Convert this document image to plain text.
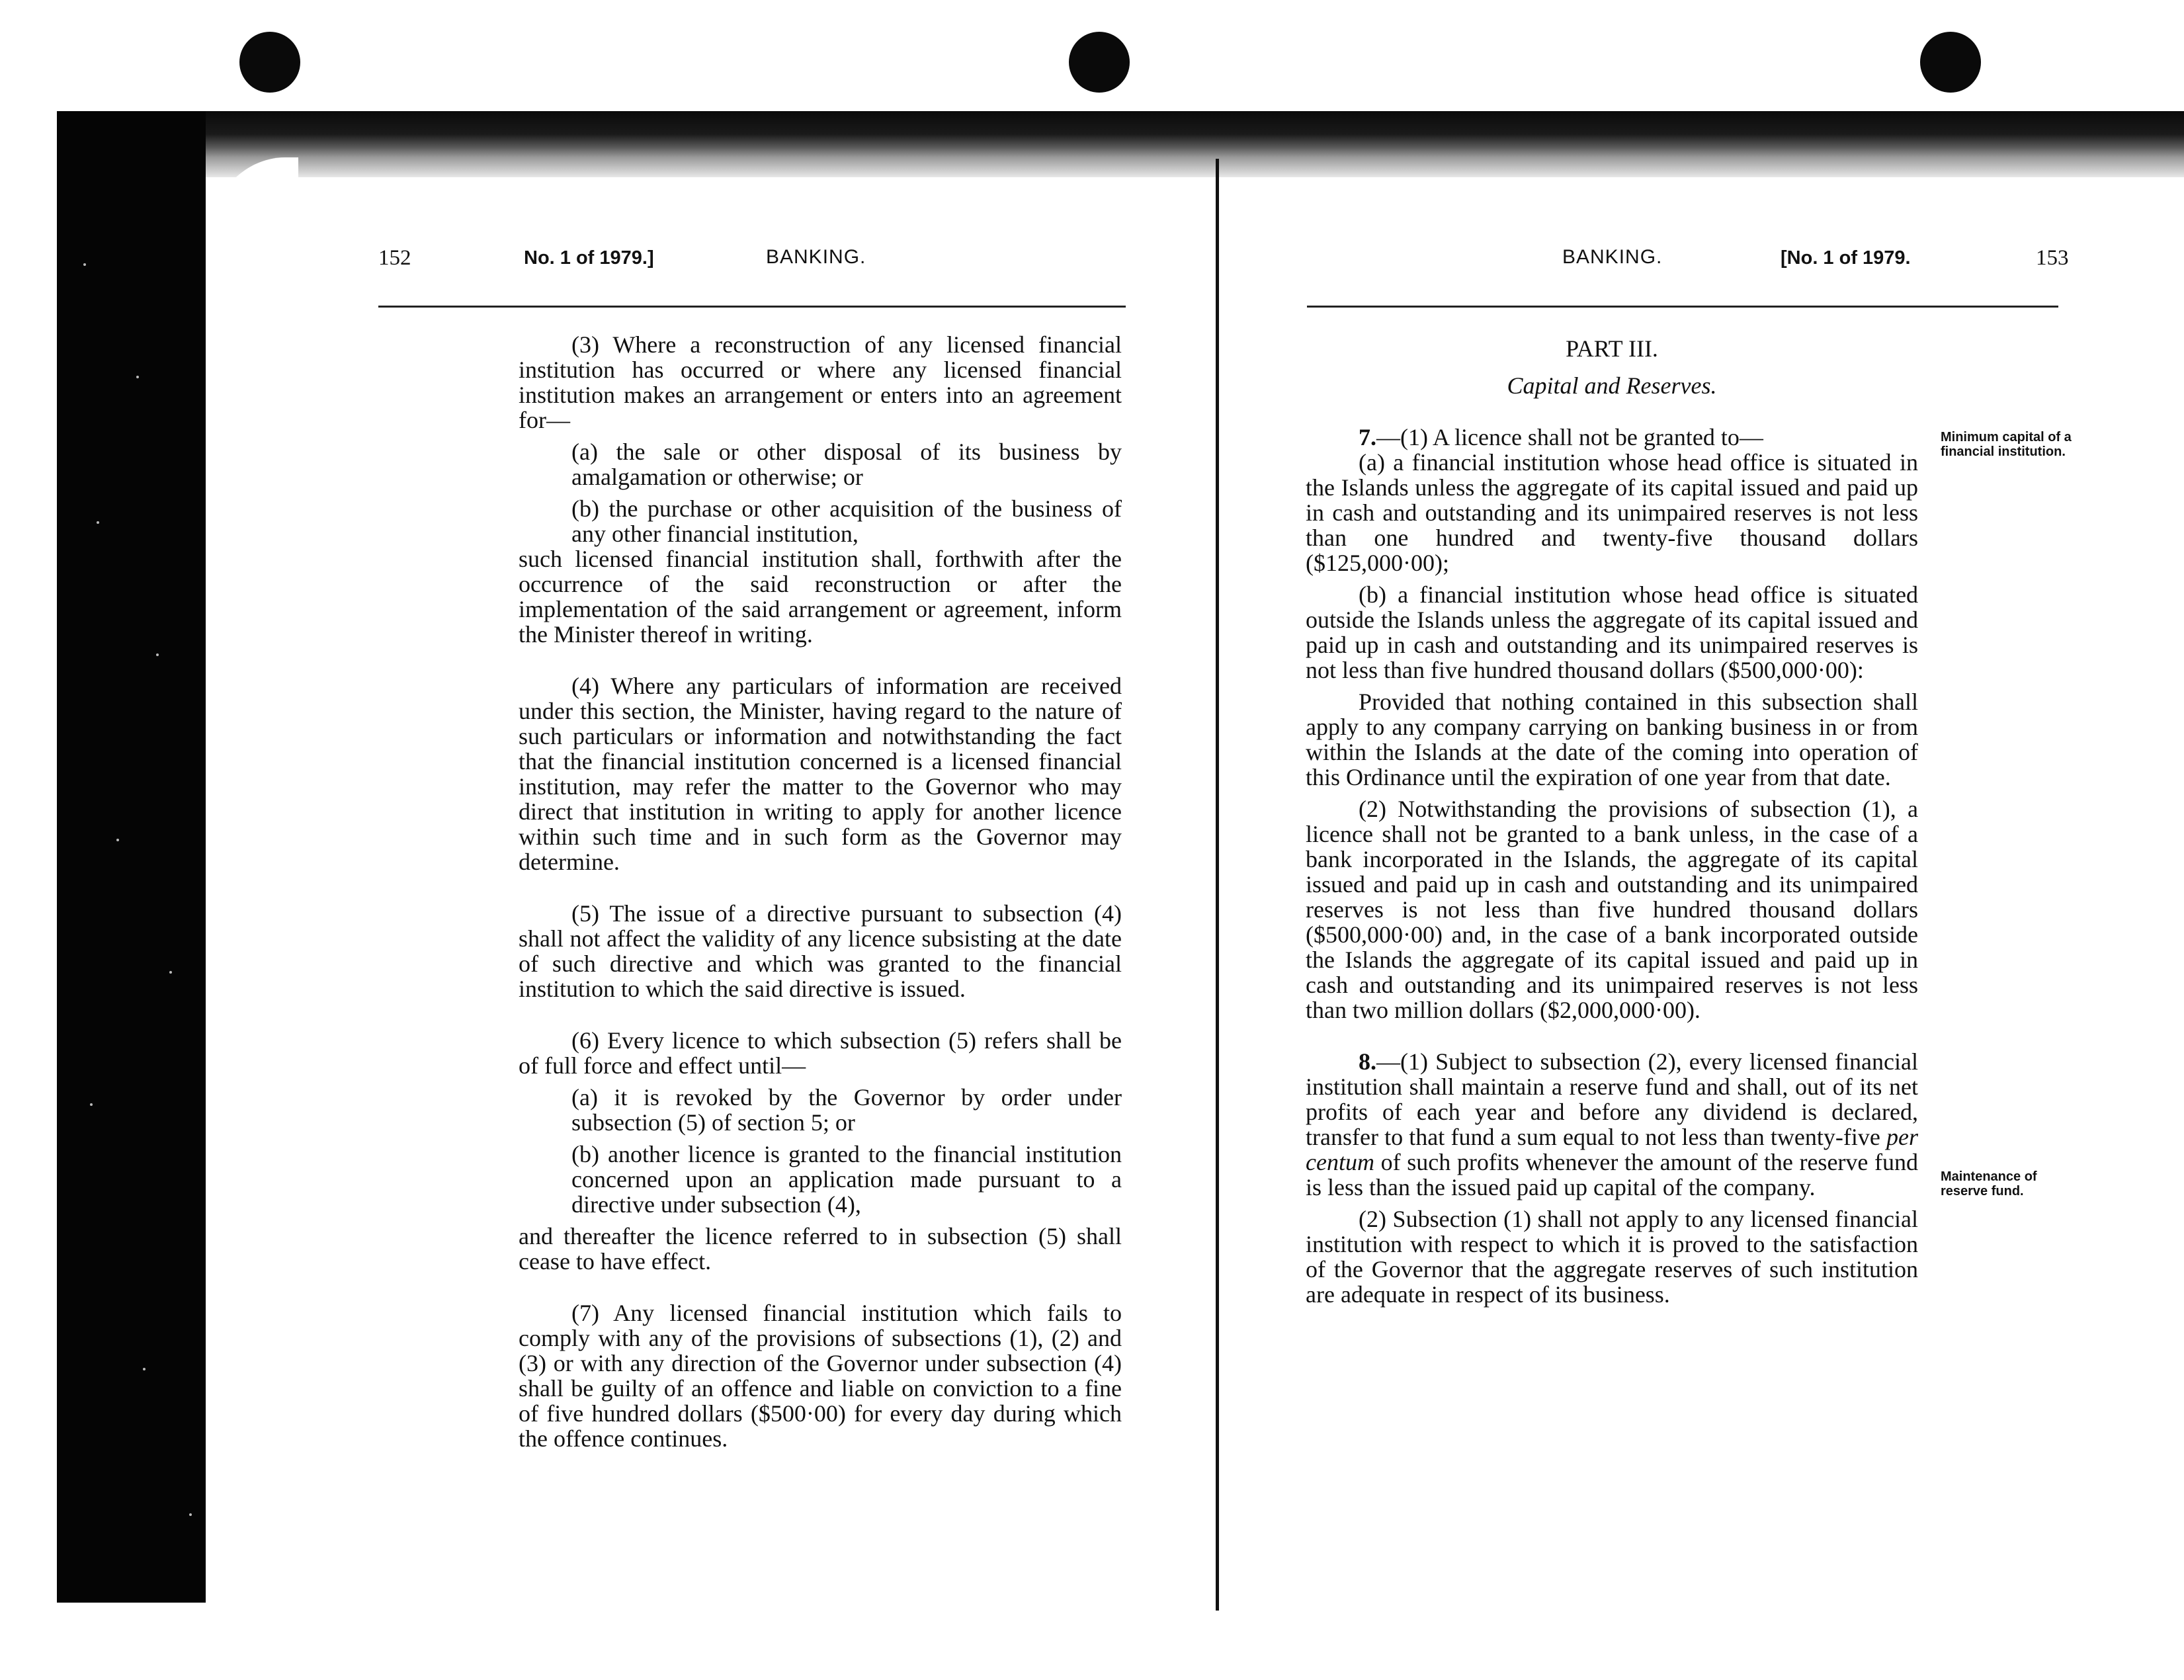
152	No. 1 of 1979.]	BANKING.

(3) Where a reconstruction of any licensed financial institution has occurred or where any licensed financial institution makes an arrangement or enters into an agreement for—

(a) the sale or other disposal of its business by amalgamation or otherwise; or

(b) the purchase or other acquisition of the business of any other financial institution,

such licensed financial institution shall, forthwith after the occurrence of the said reconstruction or after the implementation of the said arrangement or agreement, inform the Minister thereof in writing.

(4) Where any particulars of information are received under this section, the Minister, having regard to the nature of such particulars or information and notwithstanding the fact that the financial institution concerned is a licensed financial institution, may refer the matter to the Governor who may direct that institution in writing to apply for another licence within such time and in such form as the Governor may determine.

(5) The issue of a directive pursuant to subsection (4) shall not affect the validity of any licence subsisting at the date of such directive and which was granted to the financial institution to which the said directive is issued.

(6) Every licence to which subsection (5) refers shall be of full force and effect until—

(a) it is revoked by the Governor by order under subsection (5) of section 5; or

(b) another licence is granted to the financial institution concerned upon an application made pursuant to a directive under subsection (4),

and thereafter the licence referred to in subsection (5) shall cease to have effect.

(7) Any licensed financial institution which fails to comply with any of the provisions of subsections (1), (2) and (3) or with any direction of the Governor under subsection (4) shall be guilty of an offence and liable on conviction to a fine of five hundred dollars ($500·00) for every day during which the offence continues.

BANKING.	[No. 1 of 1979.	153

PART III.

Capital and Reserves.

7.—(1) A licence shall not be granted to—

(a) a financial institution whose head office is situated in the Islands unless the aggregate of its capital issued and paid up in cash and outstanding and its unimpaired reserves is not less than one hundred and twenty-five thousand dollars ($125,000·00);

(b) a financial institution whose head office is situated outside the Islands unless the aggregate of its capital issued and paid up in cash and outstanding and its unimpaired reserves is not less than five hundred thousand dollars ($500,000·00):

Provided that nothing contained in this subsection shall apply to any company carrying on banking business in or from within the Islands at the date of the coming into operation of this Ordinance until the expiration of one year from that date.

(2) Notwithstanding the provisions of subsection (1), a licence shall not be granted to a bank unless, in the case of a bank incorporated in the Islands, the aggregate of its capital issued and paid up in cash and outstanding and its unimpaired reserves is not less than five hundred thousand dollars ($500,000·00) and, in the case of a bank incorporated outside the Islands the aggregate of its capital issued and paid up in cash and outstanding and its unimpaired reserves is not less than two million dollars ($2,000,000·00).

8.—(1) Subject to subsection (2), every licensed financial institution shall maintain a reserve fund and shall, out of its net profits of each year and before any dividend is declared, transfer to that fund a sum equal to not less than twenty-five per centum of such profits whenever the amount of the reserve fund is less than the issued paid up capital of the company.

(2) Subsection (1) shall not apply to any licensed financial institution with respect to which it is proved to the satisfaction of the Governor that the aggregate reserves of such institution are adequate in respect of its business.

Minimum capital of a financial institution.
Maintenance of reserve fund.
